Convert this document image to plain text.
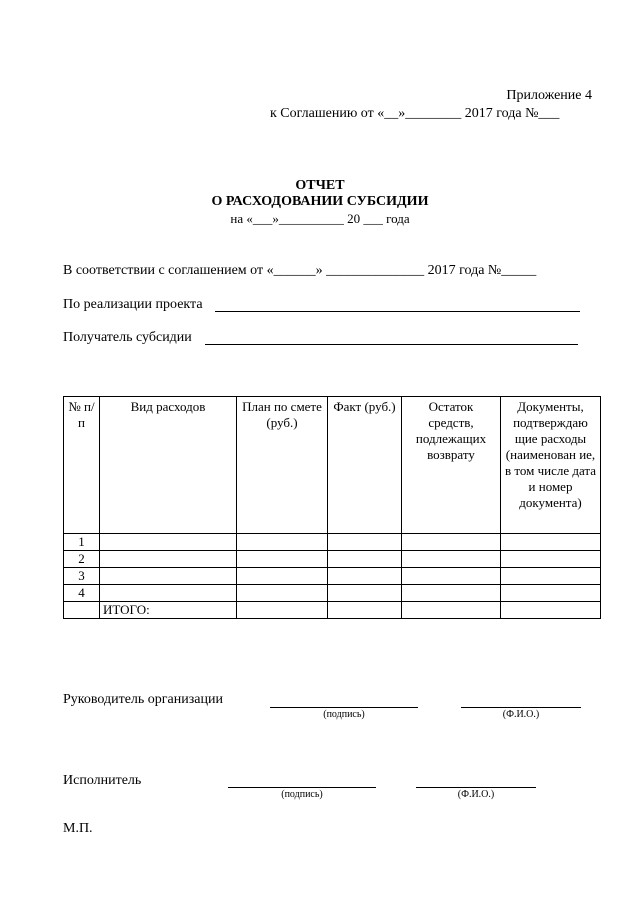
Приложение 4
к Соглашению от «__»________ 2017 года №___
ОТЧЕТ
О РАСХОДОВАНИИ СУБСИДИИ
на «___»__________ 20 ___ года
В соответствии с соглашением от «______» ______________ 2017 года №_____
По реализации проекта
Получатель субсидии
№ п/п	Вид расходов	План по смете (руб.)	Факт (руб.)	Остаток средств, подлежащих возврату	Документы, подтверждаю щие расходы (наименован ие, в том числе дата и номер документа)
1					
2					
3					
4					
	ИТОГО:				
Руководитель организации
(подпись)	(Ф.И.О.)
Исполнитель
(подпись)	(Ф.И.О.)
М.П.
